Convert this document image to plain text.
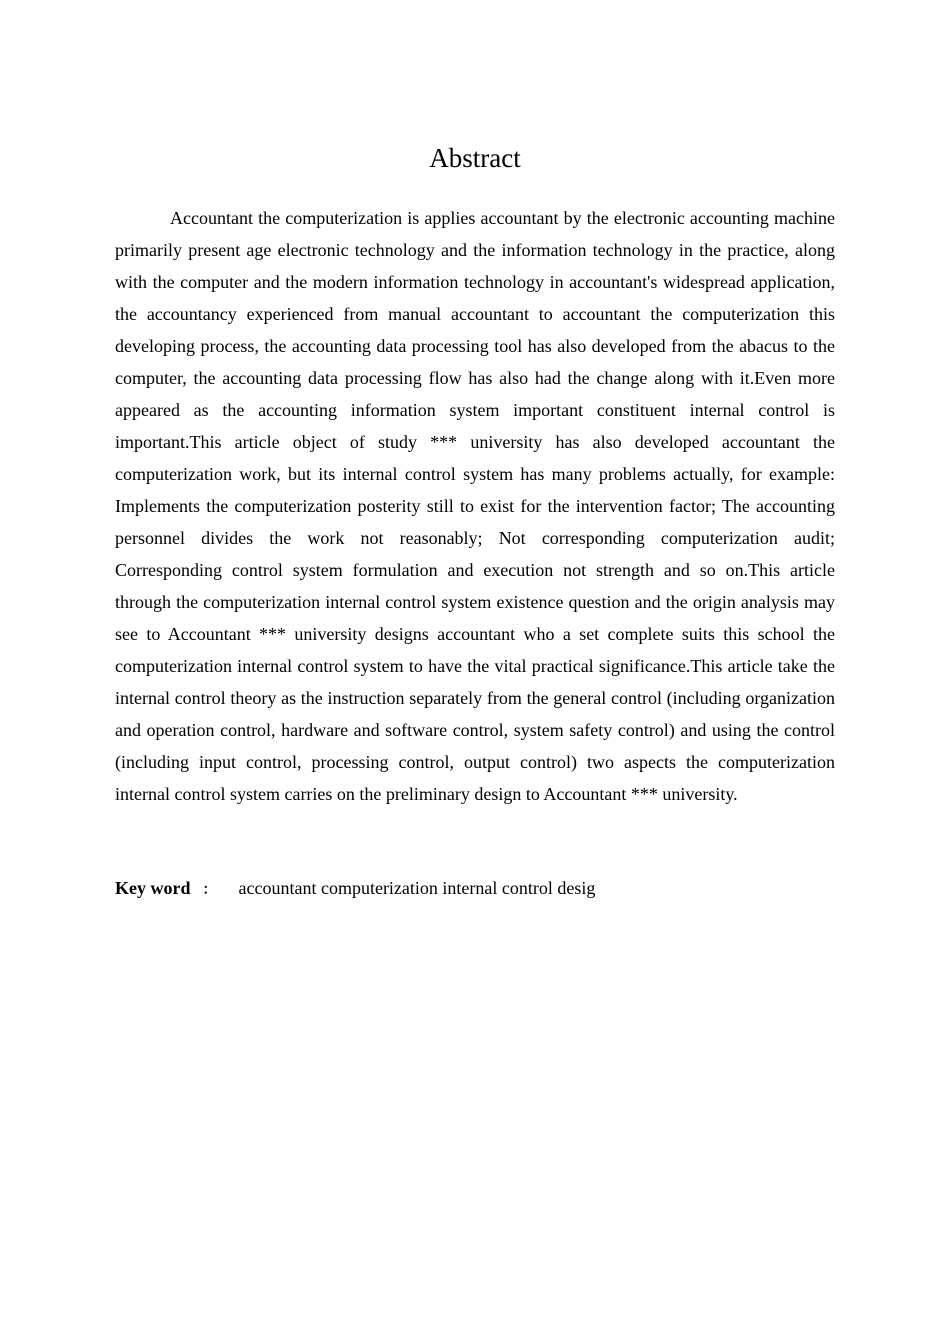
Abstract

Accountant the computerization is applies accountant by the electronic accounting machine primarily present age electronic technology and the information technology in the practice, along with the computer and the modern information technology in accountant's widespread application, the accountancy experienced from manual accountant to accountant the computerization this developing process, the accounting data processing tool has also developed from the abacus to the computer, the accounting data processing flow has also had the change along with it.Even more appeared as the accounting information system important constituent internal control is important.This article object of study *** university has also developed accountant the computerization work, but its internal control system has many problems actually, for example: Implements the computerization posterity still to exist for the intervention factor; The accounting personnel divides the work not reasonably; Not corresponding computerization audit; Corresponding control system formulation and execution not strength and so on.This article through the computerization internal control system existence question and the origin analysis may see to Accountant *** university designs accountant who a set complete suits this school the computerization internal control system to have the vital practical significance.This article take the internal control theory as the instruction separately from the general control (including organization and operation control, hardware and software control, system safety control) and using the control (including input control, processing control, output control) two aspects the computerization internal control system carries on the preliminary design to Accountant *** university.

Key word ： accountant computerization internal control desig
